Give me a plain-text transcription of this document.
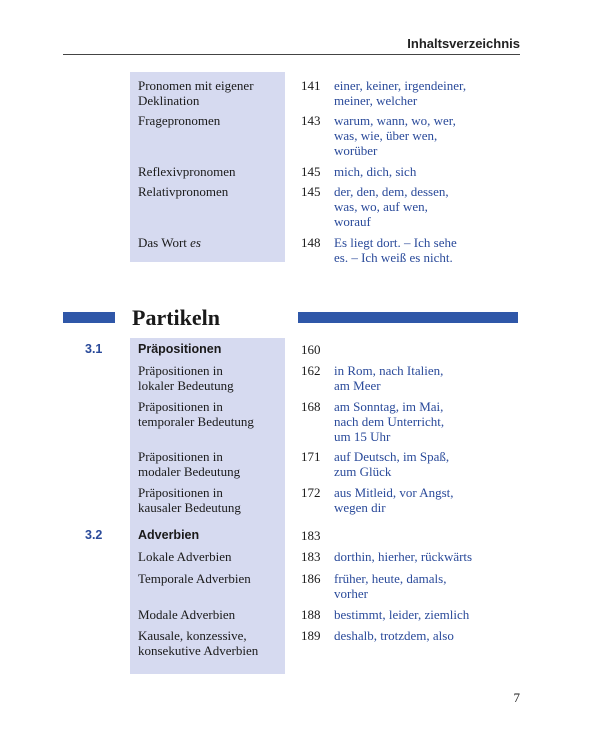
Inhaltsverzeichnis
Pronomen mit eigener
Deklination
141	einer, keiner, irgendeiner,
meiner, welcher
Fragepronomen	143	warum, wann, wo, wer,
was, wie, über wen,
worüber
Reflexivpronomen	145	mich, dich, sich
Relativpronomen	145	der, den, dem, dessen,
was, wo, auf wen,
worauf
Das Wort es	148	Es liegt dort. – Ich sehe
es. – Ich weiß es nicht.
Partikeln
3.1	Präpositionen	160
Präpositionen in
lokaler Bedeutung
162	in Rom, nach Italien,
am Meer
Präpositionen in
temporaler Bedeutung
168	am Sonntag, im Mai,
nach dem Unterricht,
um 15 Uhr
Präpositionen in
modaler Bedeutung
171	auf Deutsch, im Spaß,
zum Glück
Präpositionen in
kausaler Bedeutung
172	aus Mitleid, vor Angst,
wegen dir
3.2	Adverbien	183
Lokale Adverbien	183	dorthin, hierher, rückwärts
Temporale Adverbien	186	früher, heute, damals,
vorher
Modale Adverbien	188	bestimmt, leider, ziemlich
Kausale, konzessive,
konsekutive Adverbien
189	deshalb, trotzdem, also
7
